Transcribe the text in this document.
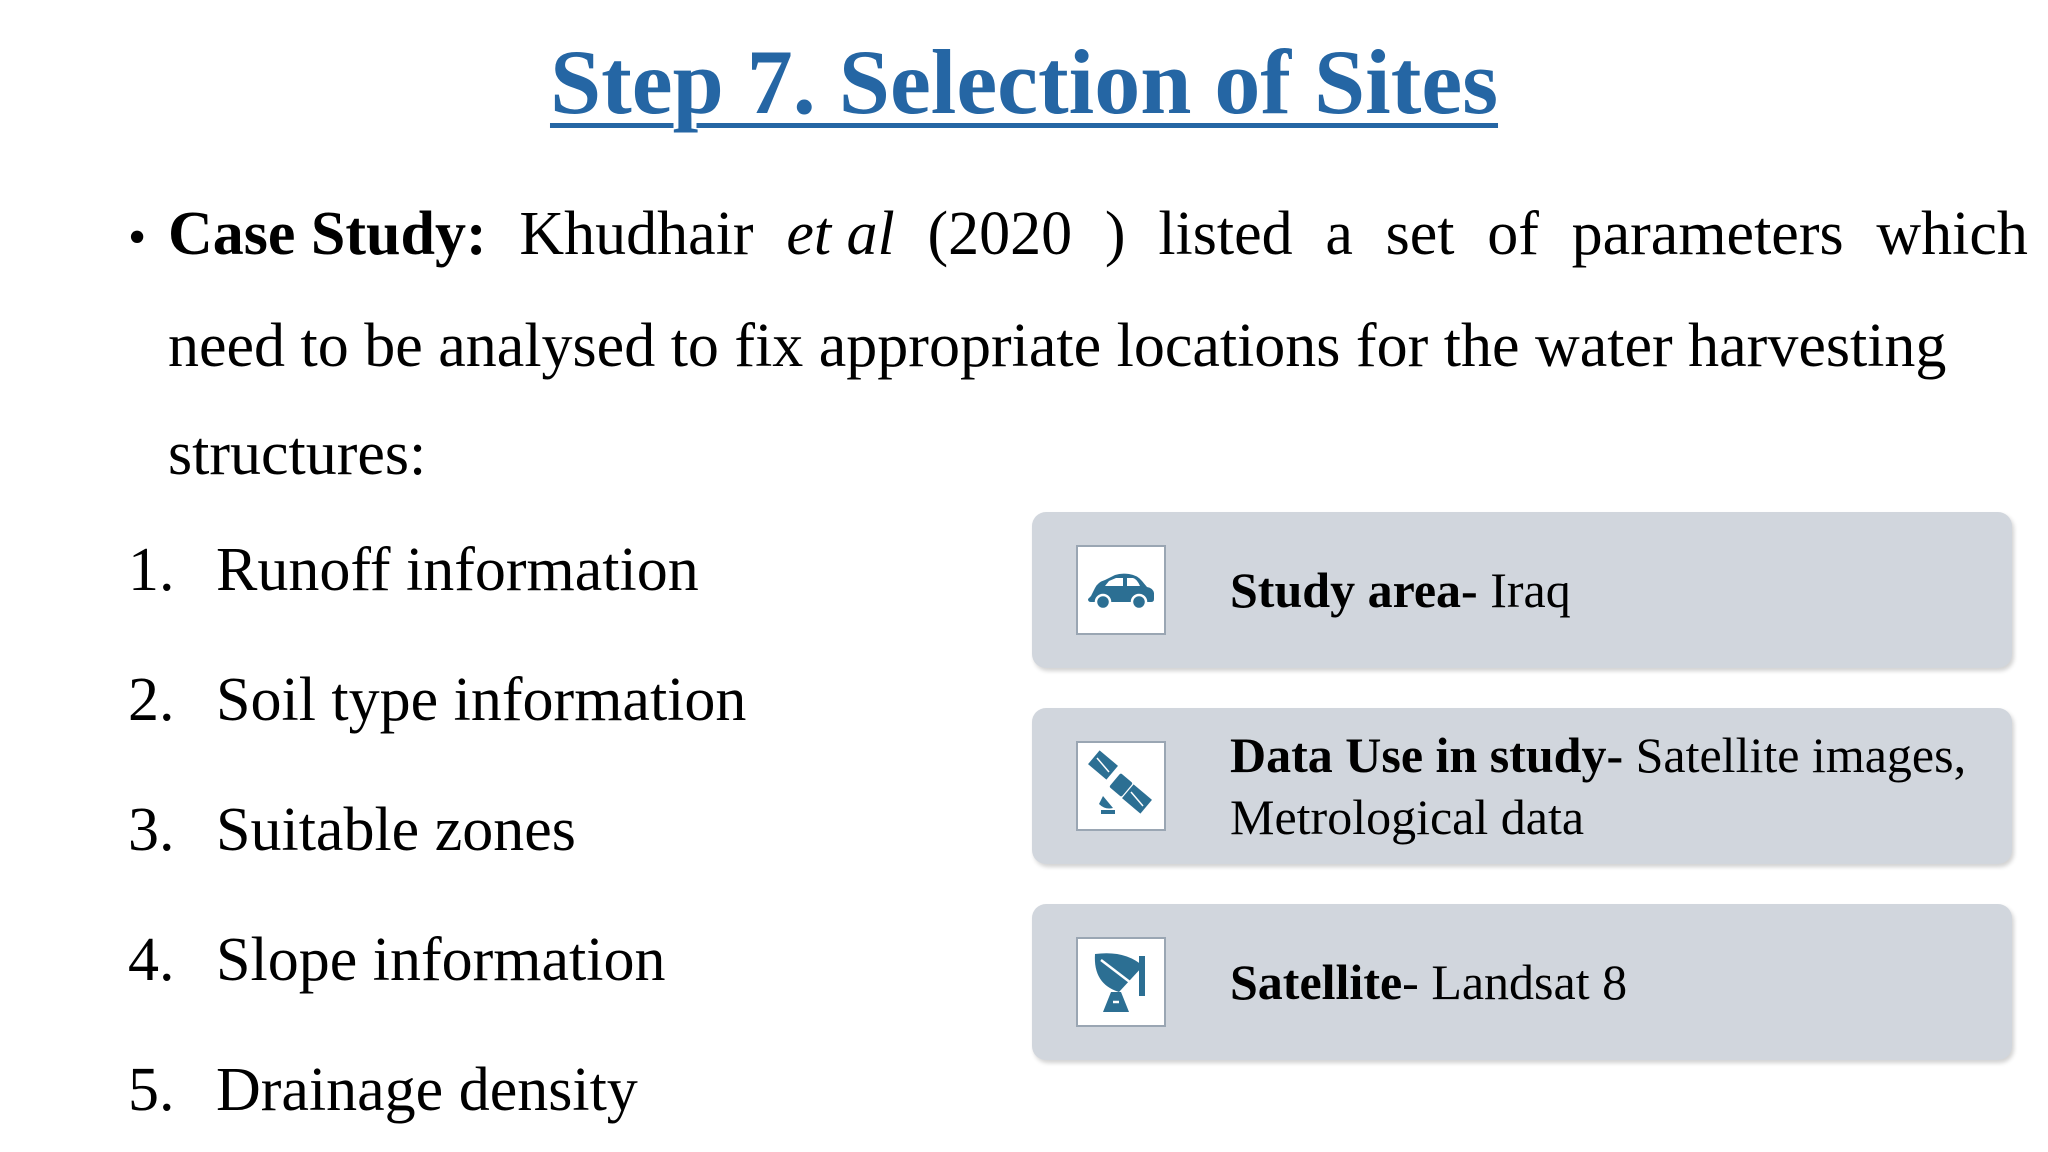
Step 7. Selection of Sites
• Case Study: Khudhair et al (2020 ) listed a set of parameters which
need to be analysed to fix appropriate locations for the water harvesting
structures:
1. Runoff information
2. Soil type information
3. Suitable zones
4. Slope information
5. Drainage density
Study area- Iraq
Data Use in study- Satellite images, Metrological data
Satellite- Landsat 8
